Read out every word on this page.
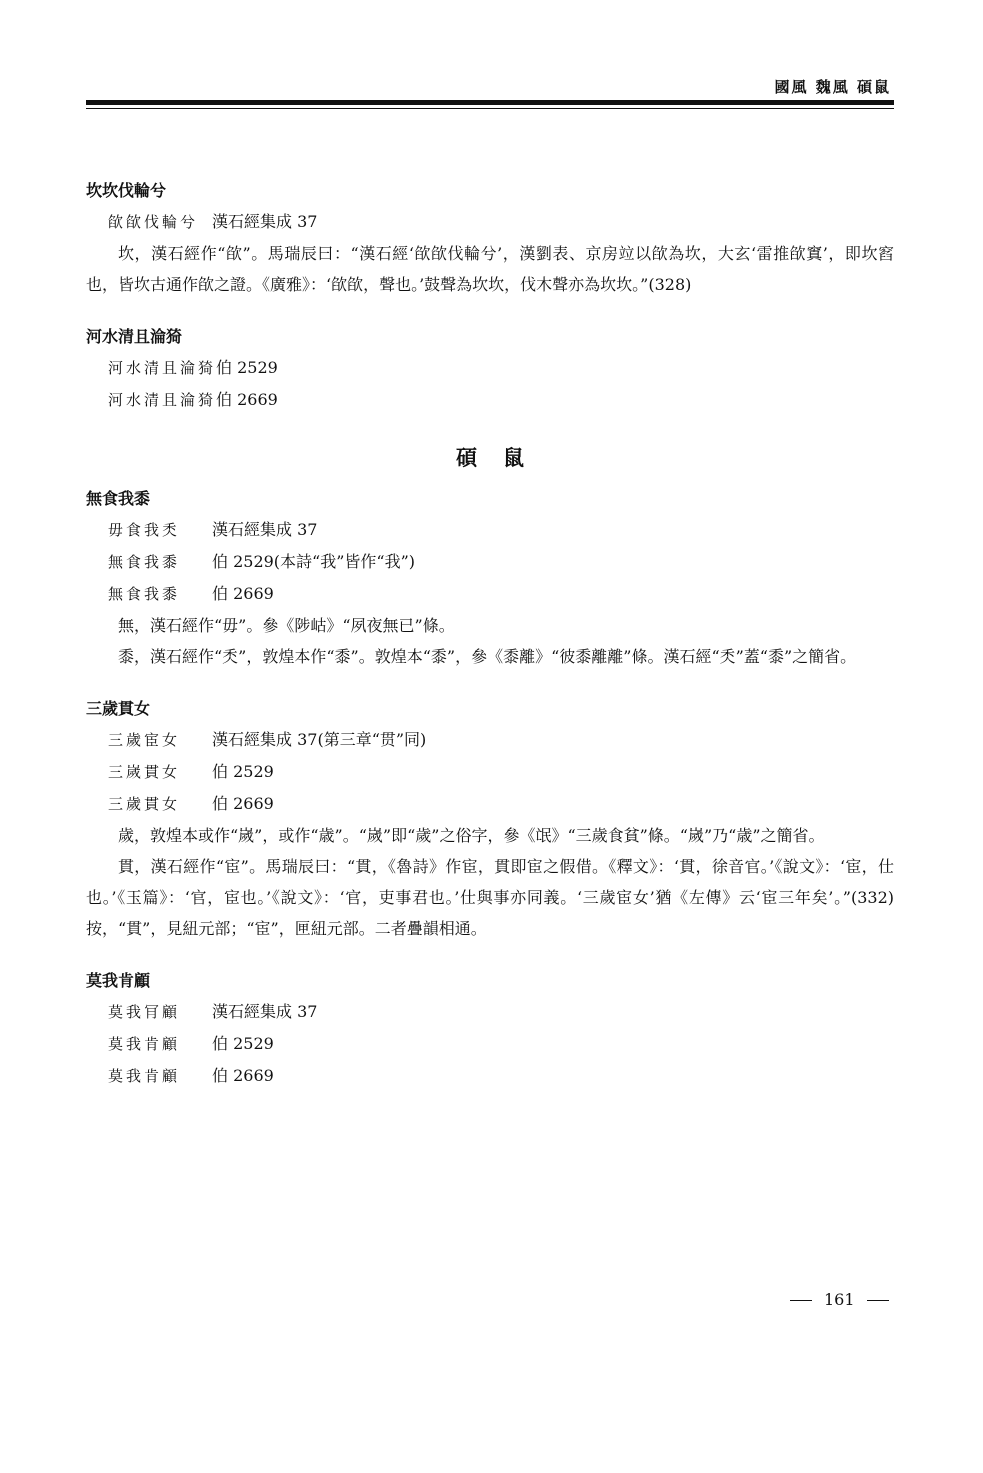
國風 魏風 碩鼠
坎坎伐輪兮
欿欿伐輪兮 漢石經集成 37

坎，漢石經作“欿”。馬瑞辰曰：“漢石經‘欿欿伐輪兮’，漢劉表、京房竝以欿為坎，大玄‘雷推欿窴’，即坎窞也，皆坎古通作欿之證。《廣雅》：‘欿欿，聲也。’鼓聲為坎坎，伐木聲亦為坎坎。”(328)

河水清且淪猗
河水清且淪猗伯 2529
河水清且淪猗伯 2669
碩鼠
無食我黍
毋食我秂 漢石經集成 37
無食我黍 伯 2529(本詩“我”皆作“我”)
無食我黍 伯 2669

無，漢石經作“毋”。參《陟岵》“夙夜無已”條。

黍，漢石經作“秂”，敦煌本作“黍”。敦煌本“黍”，參《黍離》“彼黍離離”條。漢石經“秂”蓋“黍”之簡省。

三歲貫女
三歲宦女 漢石經集成 37(第三章“贯”同)
三嵗貫女 伯 2529
三歲貫女 伯 2669

歲，敦煌本或作“嵗”，或作“歳”。“嵗”即“歲”之俗字，參《氓》“三歲食貧”條。“嵗”乃“歳”之簡省。

貫，漢石經作“宦”。馬瑞辰曰：“貫，《魯詩》作宦，貫即宦之假借。《釋文》：‘貫，徐音官。’《說文》：‘宦，仕也。’《玉篇》：‘官，宦也。’《說文》：‘官，吏事君也。’仕與事亦同義。‘三歲宦女’猶《左傳》云‘宦三年矣’。”(332)按，“貫”，見紐元部；“宦”，匣紐元部。二者疊韻相通。

莫我肯顧
莫我肎顧 漢石經集成 37
莫我肯顧 伯 2529
莫我肯顧 伯 2669
161
